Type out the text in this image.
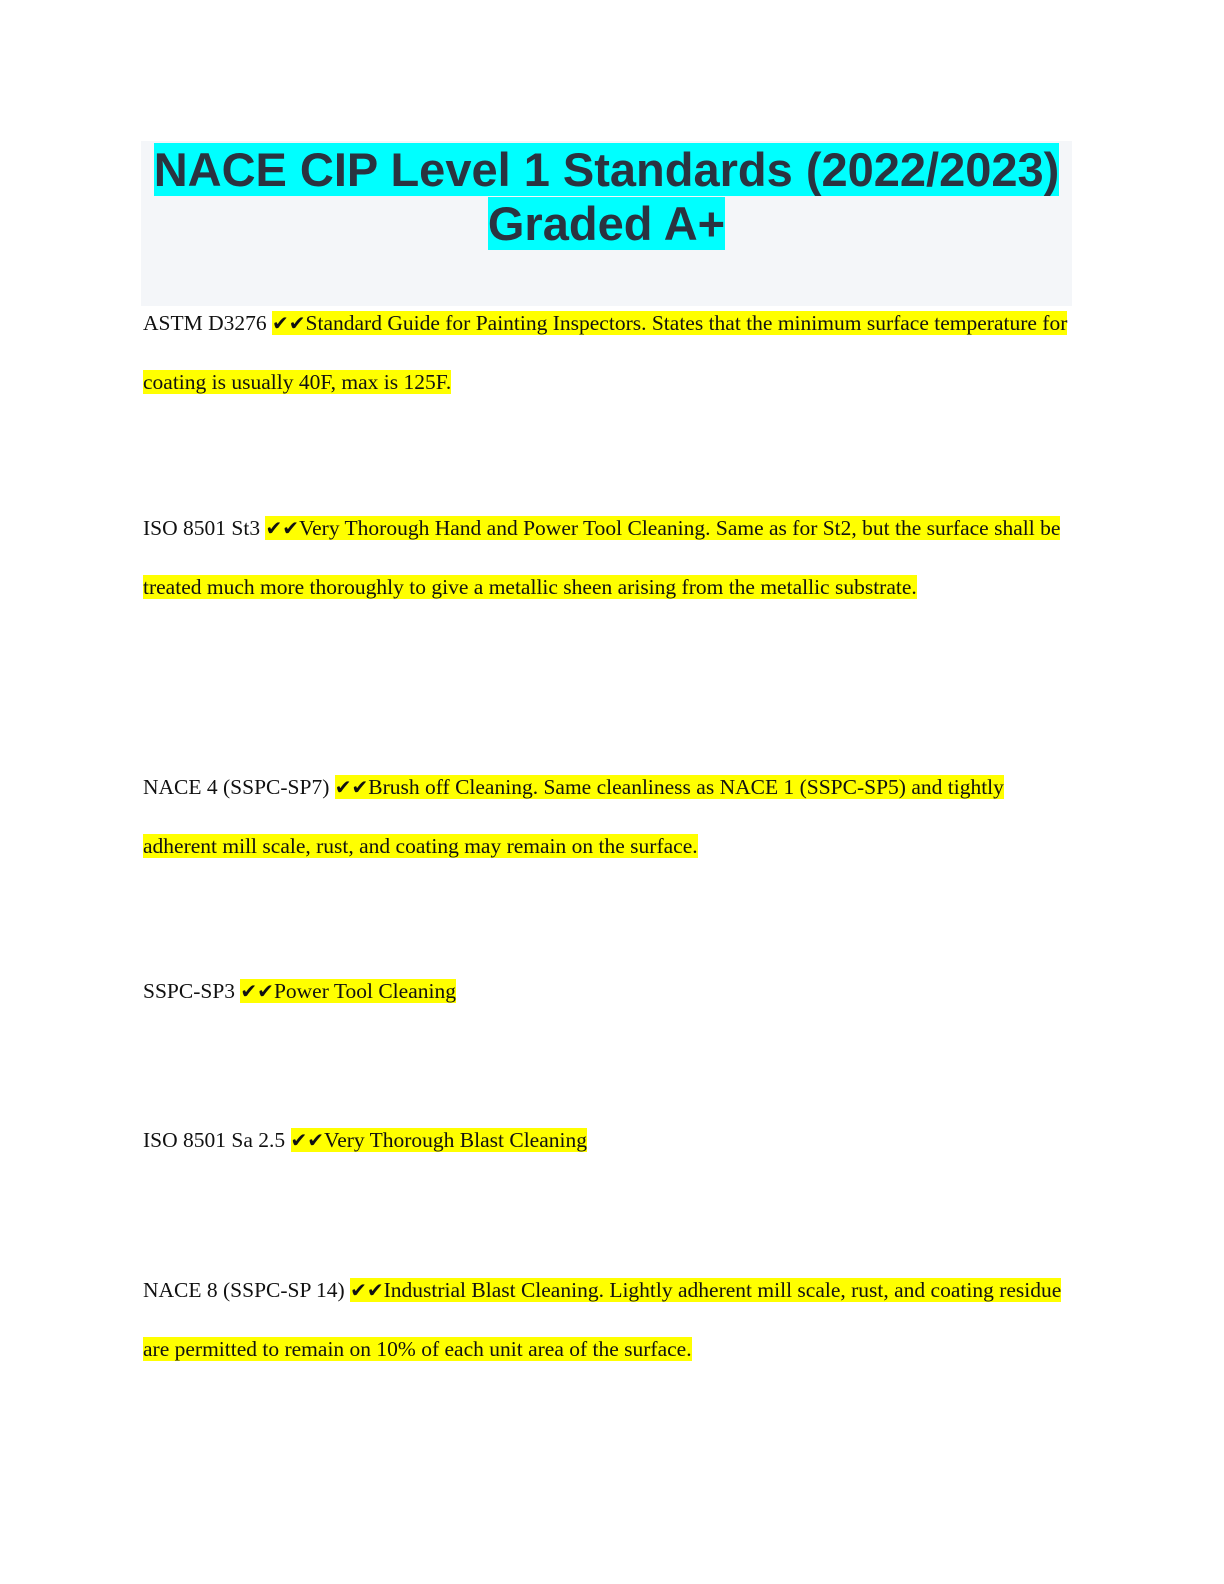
NACE CIP Level 1 Standards (2022/2023)
Graded A+

ASTM D3276 ✔✔Standard Guide for Painting Inspectors. States that the minimum surface temperature for coating is usually 40F, max is 125F.

ISO 8501 St3 ✔✔Very Thorough Hand and Power Tool Cleaning. Same as for St2, but the surface shall be treated much more thoroughly to give a metallic sheen arising from the metallic substrate.

NACE 4 (SSPC-SP7) ✔✔Brush off Cleaning. Same cleanliness as NACE 1 (SSPC-SP5) and tightly adherent mill scale, rust, and coating may remain on the surface.

SSPC-SP3 ✔✔Power Tool Cleaning

ISO 8501 Sa 2.5 ✔✔Very Thorough Blast Cleaning

NACE 8 (SSPC-SP 14) ✔✔Industrial Blast Cleaning. Lightly adherent mill scale, rust, and coating residue are permitted to remain on 10% of each unit area of the surface.
